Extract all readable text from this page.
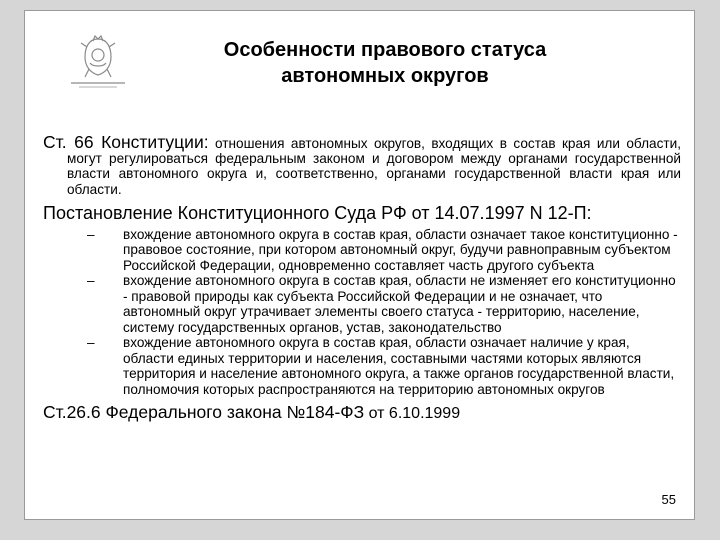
Особенности правового статуса
автономных округов

Ст. 66 Конституции: отношения автономных округов, входящих в состав края или области, могут регулироваться федеральным законом и договором между органами государственной власти автономного округа и, соответственно, органами государственной власти края или области.

Постановление Конституционного Суда РФ от 14.07.1997 N 12-П:

– вхождение автономного округа в состав края, области означает такое конституционно - правовое состояние, при котором автономный округ, будучи равноправным субъектом Российской Федерации, одновременно составляет часть другого субъекта
– вхождение автономного округа в состав края, области не изменяет его конституционно - правовой природы как субъекта Российской Федерации и не означает, что автономный округ утрачивает элементы своего статуса - территорию, население, систему государственных органов, устав, законодательство
– вхождение автономного округа в состав края, области означает наличие у края, области единых территории и населения, составными частями которых являются территория и население автономного округа, а также органов государственной власти, полномочия которых распространяются на территорию автономных округов

Ст.26.6 Федерального закона №184-ФЗ от 6.10.1999

55
